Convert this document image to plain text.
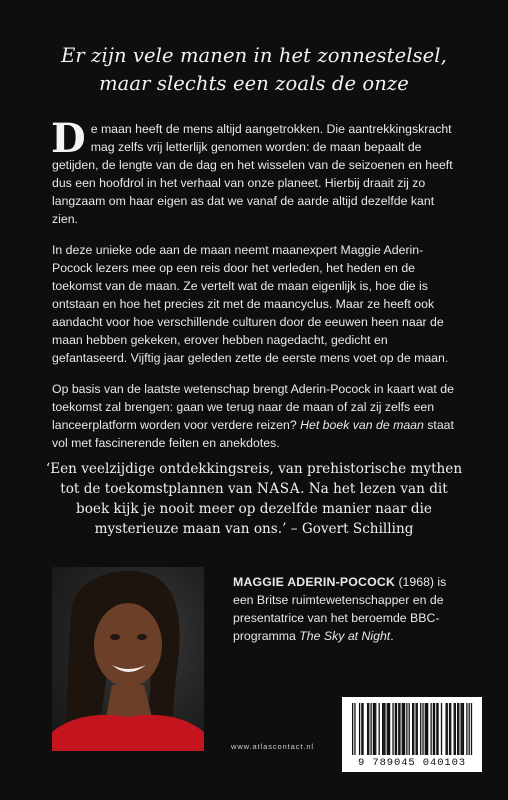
Er zijn vele manen in het zonnestelsel,
maar slechts een zoals de onze

De maan heeft de mens altijd aangetrokken. Die aantrekkingskracht mag zelfs vrij letterlijk genomen worden: de maan bepaalt de getijden, de lengte van de dag en het wisselen van de seizoenen en heeft dus een hoofdrol in het verhaal van onze planeet. Hierbij draait zij zo langzaam om haar eigen as dat we vanaf de aarde altijd dezelfde kant zien.

In deze unieke ode aan de maan neemt maanexpert Maggie Aderin-Pocock lezers mee op een reis door het verleden, het heden en de toekomst van de maan. Ze vertelt wat de maan eigenlijk is, hoe die is ontstaan en hoe het precies zit met de maancyclus. Maar ze heeft ook aandacht voor hoe verschillende culturen door de eeuwen heen naar de maan hebben gekeken, erover hebben nagedacht, gedicht en gefantaseerd. Vijftig jaar geleden zette de eerste mens voet op de maan.

Op basis van de laatste wetenschap brengt Aderin-Pocock in kaart wat de toekomst zal brengen: gaan we terug naar de maan of zal zij zelfs een lanceerplatform worden voor verdere reizen? Het boek van de maan staat vol met fascinerende feiten en anekdotes.

‘Een veelzijdige ontdekkingsreis, van prehistorische mythen tot de toekomstplannen van NASA. Na het lezen van dit boek kijk je nooit meer op dezelfde manier naar die mysterieuze maan van ons.’ – Govert Schilling
MAGGIE ADERIN-POCOCK (1968) is een Britse ruimtewetenschapper en de presentatrice van het beroemde BBC-programma The Sky at Night.
www.atlascontact.nl
9 789045 040103
